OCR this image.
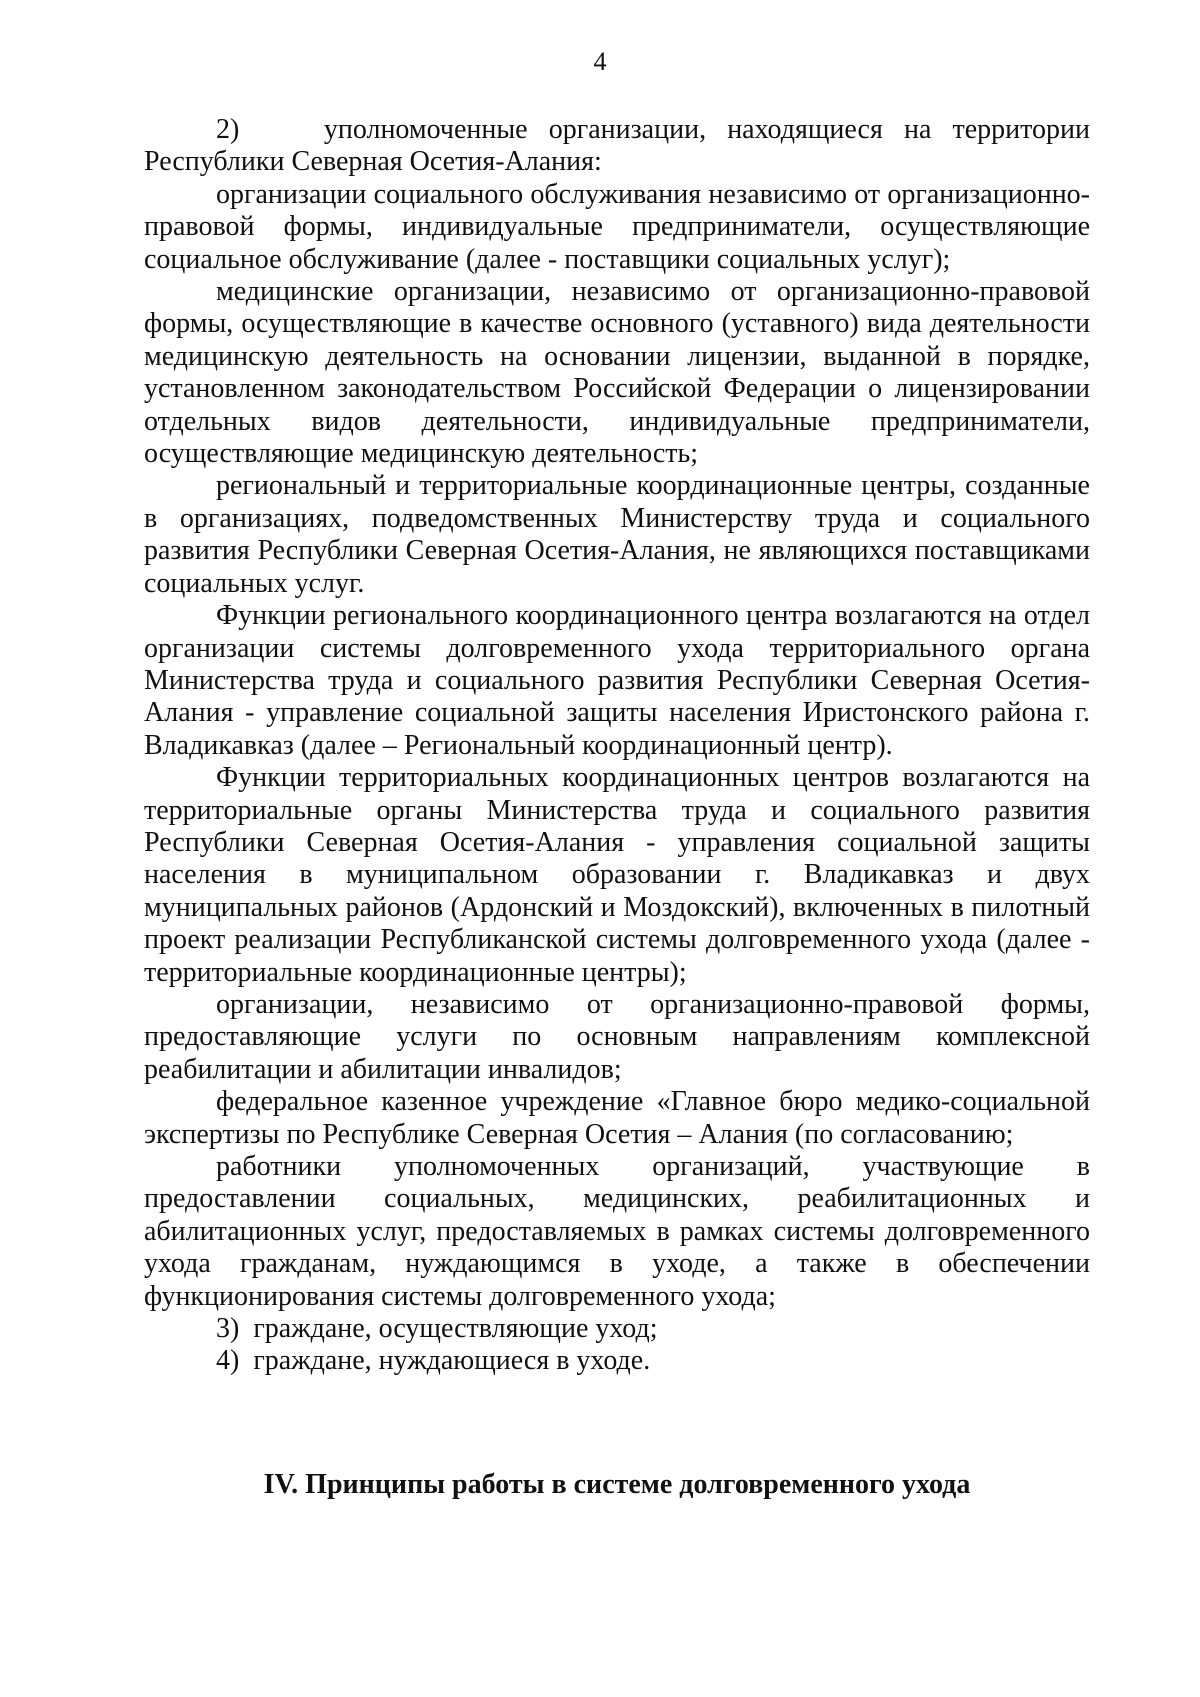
4

2)    уполномоченные организации, находящиеся на территории Республики Северная Осетия-Алания:

организации социального обслуживания независимо от организационно-правовой формы, индивидуальные предприниматели, осуществляющие социальное обслуживание (далее - поставщики социальных услуг);

медицинские организации, независимо от организационно-правовой формы, осуществляющие в качестве основного (уставного) вида деятельности медицинскую деятельность на основании лицензии, выданной в порядке, установленном законодательством Российской Федерации о лицензировании отдельных видов деятельности, индивидуальные предприниматели, осуществляющие медицинскую деятельность;

региональный и территориальные координационные центры, созданные в организациях, подведомственных Министерству труда и социального развития Республики Северная Осетия-Алания, не являющихся поставщиками социальных услуг.

Функции регионального координационного центра возлагаются на отдел организации системы долговременного ухода территориального органа Министерства труда и социального развития Республики Северная Осетия-Алания - управление социальной защиты населения Иристонского района г. Владикавказ (далее – Региональный координационный центр).

Функции территориальных координационных центров возлагаются на территориальные органы Министерства труда и социального развития Республики Северная Осетия-Алания - управления социальной защиты населения в муниципальном образовании г. Владикавказ и двух муниципальных районов (Ардонский и Моздокский), включенных в пилотный проект реализации Республиканской системы долговременного ухода (далее - территориальные координационные центры);

организации, независимо от организационно-правовой формы, предоставляющие услуги по основным направлениям комплексной реабилитации и абилитации инвалидов;

федеральное казенное учреждение «Главное бюро медико-социальной экспертизы по Республике Северная Осетия – Алания (по согласованию;

работники уполномоченных организаций, участвующие в предоставлении социальных, медицинских, реабилитационных и абилитационных услуг, предоставляемых в рамках системы долговременного ухода гражданам, нуждающимся в уходе, а также в обеспечении функционирования системы долговременного ухода;

3)  граждане, осуществляющие уход;

4)  граждане, нуждающиеся в уходе.

IV. Принципы работы в системе долговременного ухода
